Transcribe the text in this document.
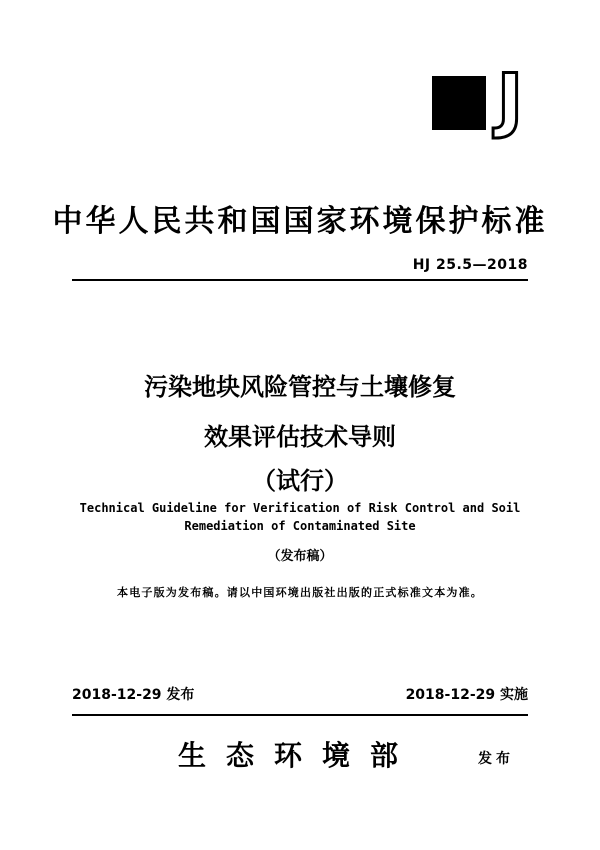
J
中华人民共和国国家环境保护标准
HJ 25.5—2018
污染地块风险管控与土壤修复
效果评估技术导则
（试行）
Technical Guideline for Verification of Risk Control and Soil
Remediation of Contaminated Site
（发布稿）
本电子版为发布稿。请以中国环境出版社出版的正式标准文本为准。
2018-12-29 发布	2018-12-29 实施
生态环境部	发布
